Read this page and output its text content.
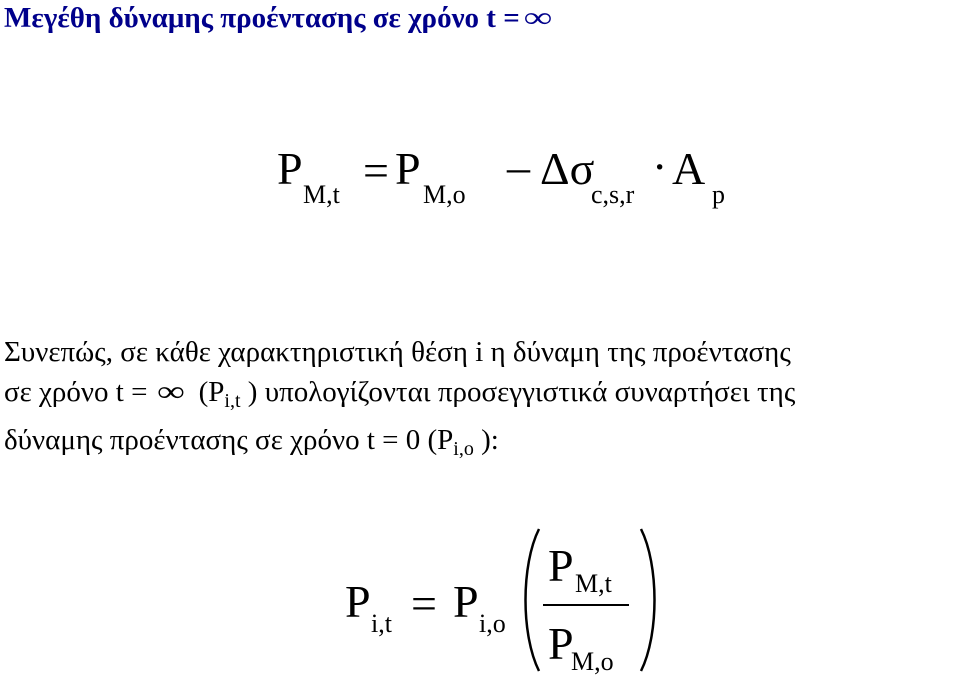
Μεγέθη δύναμης προέντασης σε χρόνο t = ∞
P
M,t = P
M,o
– Δσ
c,s,r
· A
p
Συνεπώς, σε κάθε χαρακτηριστική θέση i η δύναμη της προέντασης
σε χρόνο t = ∞ ($P_{i,t}$ ) υπολογίζονται προσεγγιστικά συναρτήσει της
δύναμης προέντασης σε χρόνο t = 0 ($P_{i,o}$ ):
P i,t = P i,o
P M,t
P
M,o
